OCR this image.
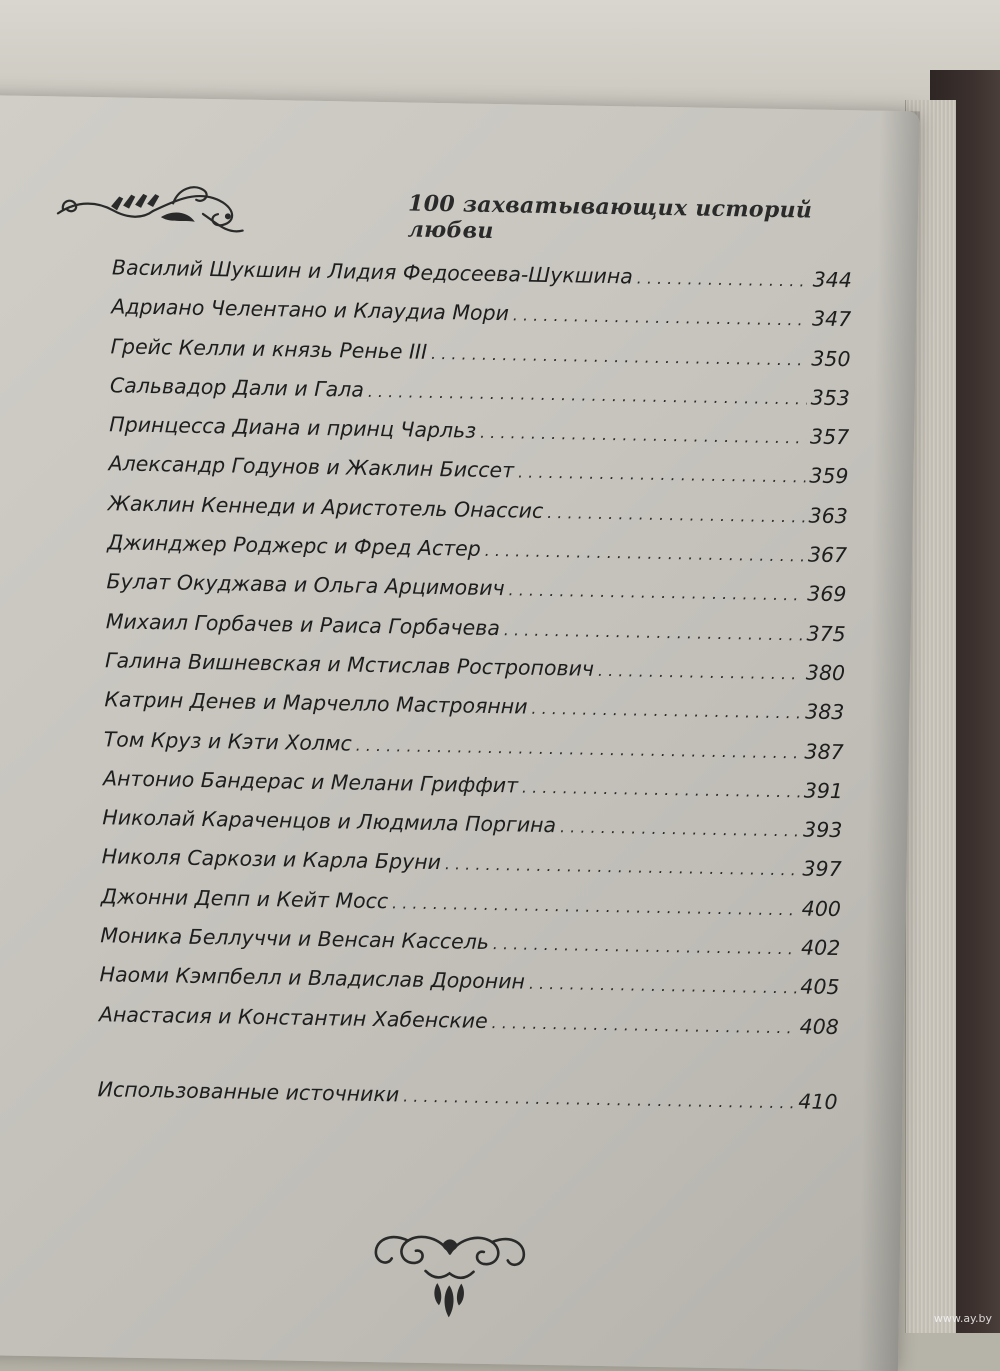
100 захватывающих историй любви
Василий Шукшин и Лидия Федосеева-Шукшина . . .	344
Адриано Челентано и Клаудиа Мори . . .	347
Грейс Келли и князь Ренье III . . .	350
Сальвадор Дали и Гала . . .	353
Принцесса Диана и принц Чарльз . . .	357
Александр Годунов и Жаклин Биссет . . .	359
Жаклин Кеннеди и Аристотель Онассис . . .	363
Джинджер Роджерс и Фред Астер . . .	367
Булат Окуджава и Ольга Арцимович . . .	369
Михаил Горбачев и Раиса Горбачева . . .	375
Галина Вишневская и Мстислав Ростропович . . .	380
Катрин Денев и Марчелло Мастроянни . . .	383
Том Круз и Кэти Холмс . . .	387
Антонио Бандерас и Мелани Гриффит . . .	391
Николай Караченцов и Людмила Поргина . . .	393
Николя Саркози и Карла Бруни . . .	397
Джонни Депп и Кейт Мосс . . .	400
Моника Беллуччи и Венсан Кассель . . .	402
Наоми Кэмпбелл и Владислав Доронин . . .	405
Анастасия и Константин Хабенские . . .	408
Использованные источники . . .	410
www.ay.by
